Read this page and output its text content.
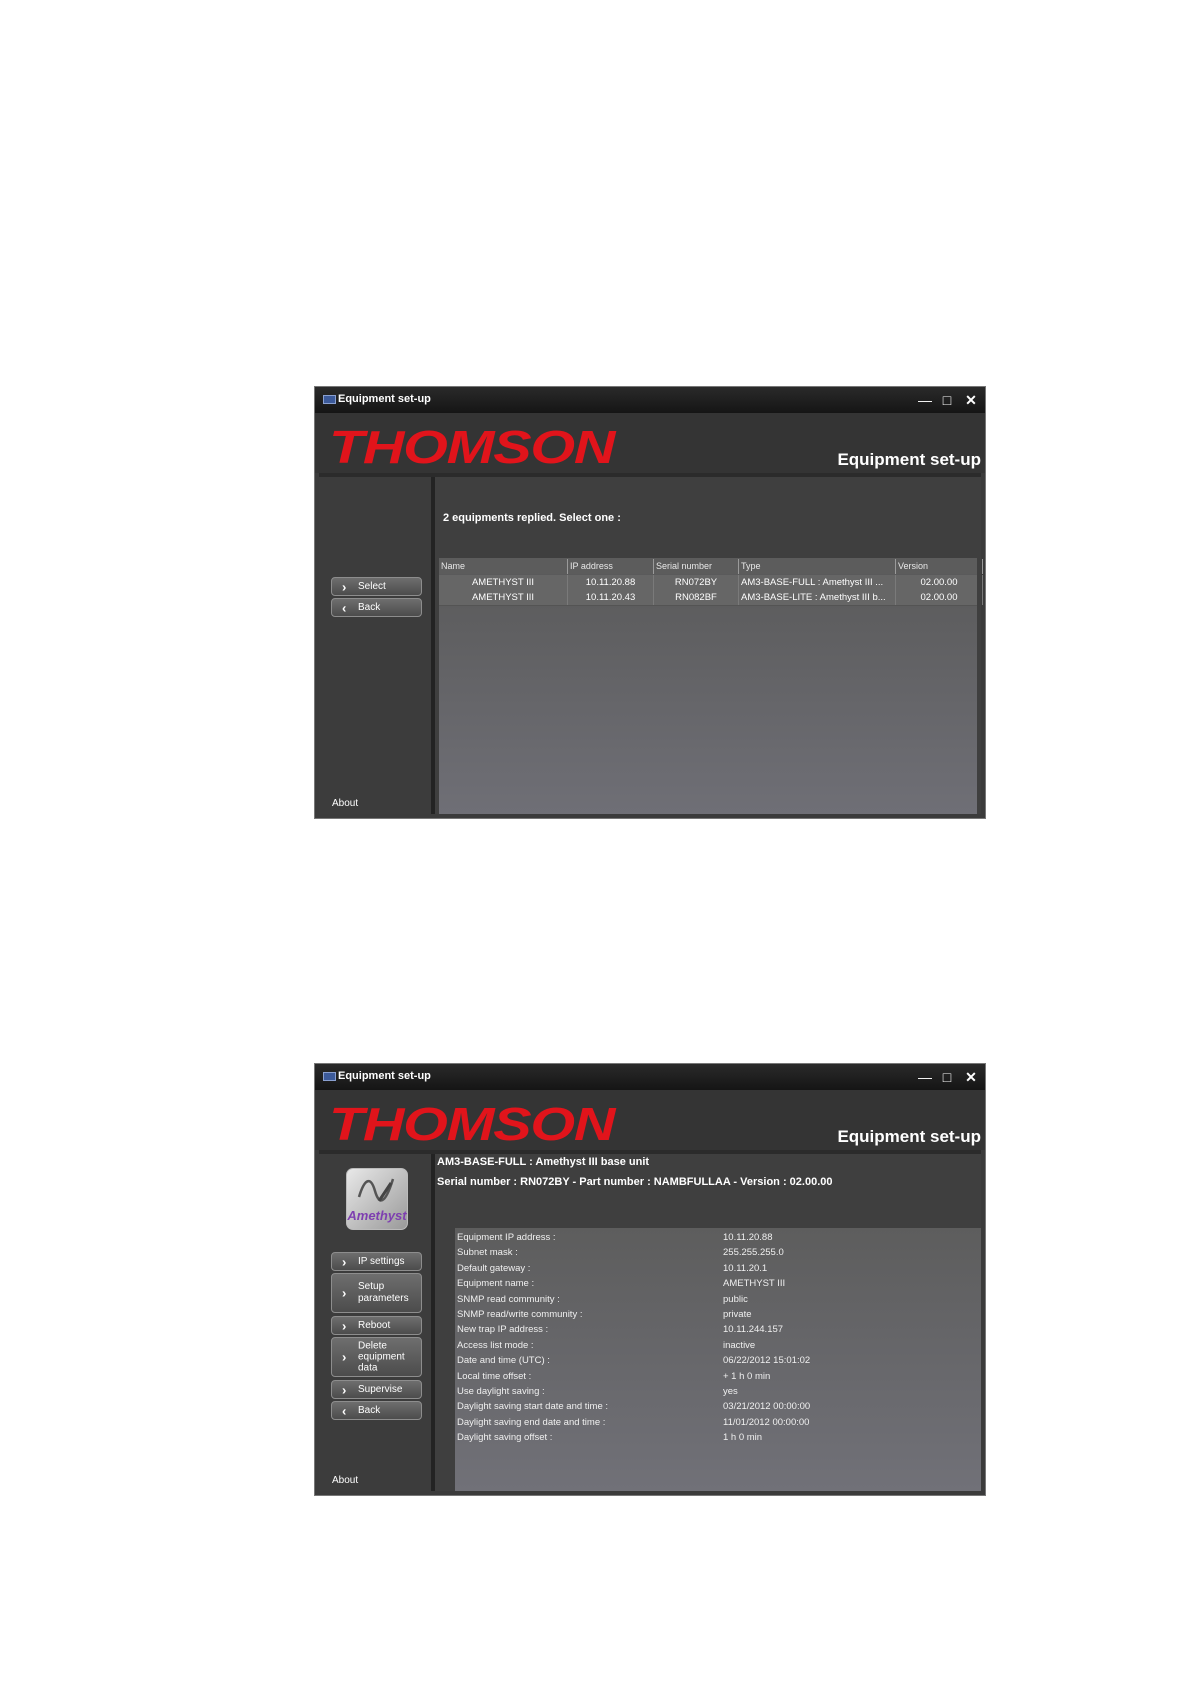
Equipment set-up	— □ ✕
THOMSON	Equipment set-up
› Select
‹ Back
About
2 equipments replied. Select one :
Name	IP address	Serial number	Type	Version
AMETHYST III	10.11.20.88	RN072BY	AM3-BASE-FULL : Amethyst III ...	02.00.00
AMETHYST III	10.11.20.43	RN082BF	AM3-BASE-LITE : Amethyst III b...	02.00.00
Equipment set-up	— □ ✕
THOMSON	Equipment set-up
Amethyst
› IP settings
› Setup parameters
› Reboot
›
Delete equipment data
› Supervise
‹ Back
About
AM3-BASE-FULL : Amethyst III base unit
Serial number : RN072BY - Part number : NAMBFULLAA - Version : 02.00.00
Equipment IP address :	10.11.20.88
Subnet mask :	255.255.255.0
Default gateway :	10.11.20.1
Equipment name :	AMETHYST III
SNMP read community :	public
SNMP read/write community :	private
New trap IP address :	10.11.244.157
Access list mode :	inactive
Date and time (UTC) :	06/22/2012 15:01:02
Local time offset :	+ 1 h 0 min
Use daylight saving :	yes
Daylight saving start date and time :	03/21/2012 00:00:00
Daylight saving end date and time :	11/01/2012 00:00:00
Daylight saving offset :	1 h 0 min
